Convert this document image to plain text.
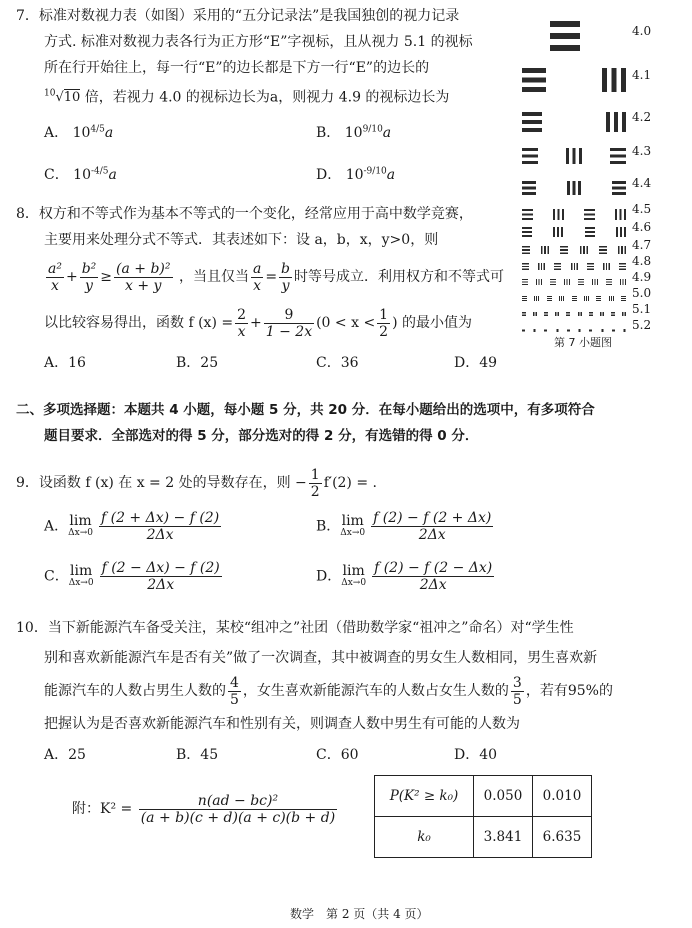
7．标准对数视力表（如图）采用的“五分记录法”是我国独创的视力记录
方式. 标准对数视力表各行为正方形“E”字视标，且从视力 5.1 的视标
所在行开始往上，每一行“E”的边长都是下方一行“E”的边长的
$^{10}$√10 倍，若视力 4.0 的视标边长为a，则视力 4.9 的视标边长为
A． $10^{4/5}a$	B． $10^{9/10}a$
C． $10^{-4/5}a$	D． $10^{-9/10}a$
4.0
4.1
4.2
4.3
4.4
4.5
4.6
4.7
4.8
4.9
5.0
5.1
5.2
第 7 小题图
8．权方和不等式作为基本不等式的一个变化，经常应用于高中数学竞赛，
主要用来处理分式不等式．其表述如下：设 a，b，x，y>0，则
$\frac{\text{a²}}{x} + \frac{\text{b²}}{y} \ge \frac{\text{(a + b)²}}{x + y}$ ，当且仅当 $\frac{a}{x} = \frac{b}{y}$ 时等号成立．利用权方和不等式可
以比较容易得出，函数 f $(x) = \frac{2}{x} + \frac{9}{1 - 2x} (0 < x < \frac{1}{2}$ ) 的最小值为
A．16	B．25	C．36	D．49
二、多项选择题：本题共 4 小题，每小题 5 分，共 20 分．在每小题给出的选项中，有多项符合
题目要求．全部选对的得 5 分，部分选对的得 2 分，有选错的得 0 分．
9．设函数 f (x) 在 x = 2 处的导数存在，则 − $\frac{1}{2} f'(2)$ = .
A．lim
$\Delta x\to 0 \frac{f (2 + \Delta x) - f (2)}{2\Delta x}$	B．lim
$\Delta x\to 0 \frac{f (2) - f (2 + \Delta x)}{2\Delta x}$
C．lim
$\Delta x\to 0 \frac{f (2 - \Delta x) - f (2)}{2\Delta x}$	D．lim
$\Delta x\to 0 \frac{f (2) - f (2 - \Delta x)}{2\Delta x}$
10．当下新能源汽车备受关注，某校“组冲之”社团（借助数学家“祖冲之”命名）对“学生性
别和喜欢新能源汽车是否有关”做了一次调查，其中被调查的男女生人数相同，男生喜欢新
能源汽车的人数占男生人数的 $\frac{4}{5}$ ，女生喜欢新能源汽车的人数占女生人数的 $\frac{3}{5}$ ，若有95%的
把握认为是否喜欢新能源汽车和性别有关，则调查人数中男生有可能的人数为
A．25	B．45	C．60	D．40
附：$K^2 = \frac{\text{n(ad − bc)²}}{(a + b)(c + d)(a + c)(b + d)}$	P(K² ≥ k₀)	0.050	0.010
k₀	3.841	6.635
数学　第 2 页（共 4 页）
